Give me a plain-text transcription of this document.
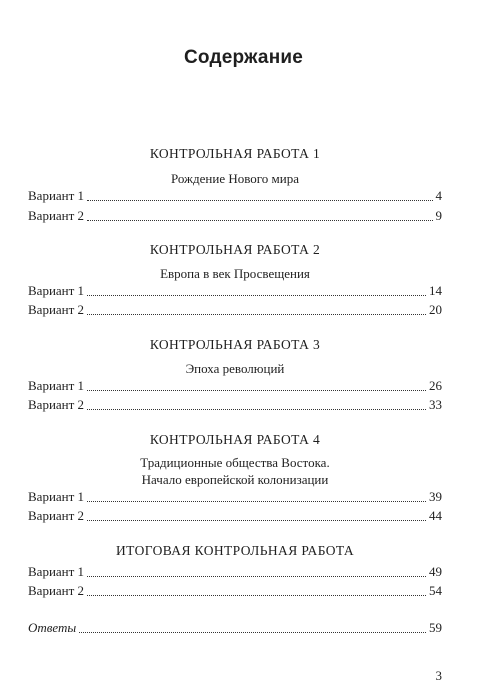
Содержание
КОНТРОЛЬНАЯ РАБОТА 1
Рождение Нового мира
Вариант 1	4
Вариант 2	9
КОНТРОЛЬНАЯ РАБОТА 2
Европа в век Просвещения
Вариант 1	14
Вариант 2	20
КОНТРОЛЬНАЯ РАБОТА 3
Эпоха революций
Вариант 1	26
Вариант 2	33
КОНТРОЛЬНАЯ РАБОТА 4
Традиционные общества Востока.
Начало европейской колонизации
Вариант 1	39
Вариант 2	44
ИТОГОВАЯ КОНТРОЛЬНАЯ РАБОТА
Вариант 1	49
Вариант 2	54
Ответы	59
3
